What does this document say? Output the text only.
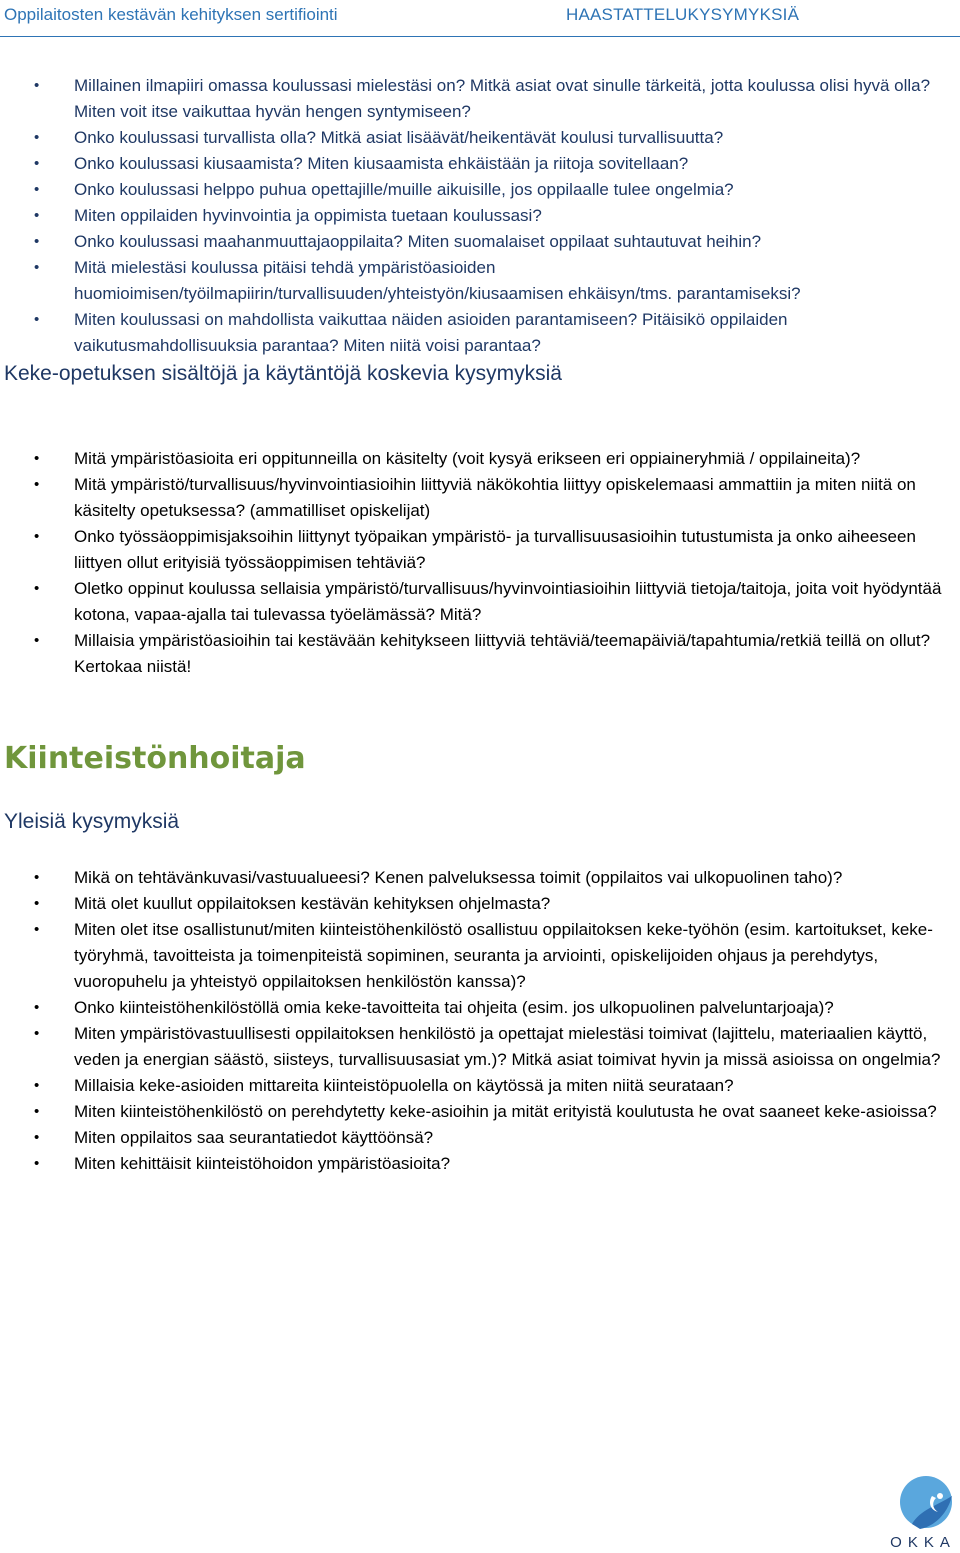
Oppilaitosten kestävän kehityksen sertifiointi	HAASTATTELUKYSYMYKSIÄ
• Millainen ilmapiiri omassa koulussasi mielestäsi on? Mitkä asiat ovat sinulle tärkeitä, jotta koulussa olisi hyvä olla? Miten voit itse vaikuttaa hyvän hengen syntymiseen?
• Onko koulussasi turvallista olla? Mitkä asiat lisäävät/heikentävät koulusi turvallisuutta?
• Onko koulussasi kiusaamista? Miten kiusaamista ehkäistään ja riitoja sovitellaan?
• Onko koulussasi helppo puhua opettajille/muille aikuisille, jos oppilaalle tulee ongelmia?
• Miten oppilaiden hyvinvointia ja oppimista tuetaan koulussasi?
• Onko koulussasi maahanmuuttajaoppilaita? Miten suomalaiset oppilaat suhtautuvat heihin?
• Mitä mielestäsi koulussa pitäisi tehdä ympäristöasioiden huomioimisen/työilmapiirin/turvallisuuden/yhteistyön/kiusaamisen ehkäisyn/tms. parantamiseksi?
• Miten koulussasi on mahdollista vaikuttaa näiden asioiden parantamiseen? Pitäisikö oppilaiden vaikutusmahdollisuuksia parantaa? Miten niitä voisi parantaa?
Keke-opetuksen sisältöjä ja käytäntöjä koskevia kysymyksiä
• Mitä ympäristöasioita eri oppitunneilla on käsitelty (voit kysyä erikseen eri oppiaineryhmiä / oppilaineita)?
• Mitä ympäristö/turvallisuus/hyvinvointiasioihin liittyviä näkökohtia liittyy opiskelemaasi ammattiin ja miten niitä on käsitelty opetuksessa? (ammatilliset opiskelijat)
• Onko työssäoppimisjaksoihin liittynyt työpaikan ympäristö- ja turvallisuusasioihin tutustumista ja onko aiheeseen liittyen ollut erityisiä työssäoppimisen tehtäviä?
• Oletko oppinut koulussa sellaisia ympäristö/turvallisuus/hyvinvointiasioihin liittyviä tietoja/taitoja, joita voit hyödyntää kotona, vapaa-ajalla tai tulevassa työelämässä? Mitä?
• Millaisia ympäristöasioihin tai kestävään kehitykseen liittyviä tehtäviä/teemapäiviä/tapahtumia/retkiä teillä on ollut? Kertokaa niistä!
Kiinteistönhoitaja
Yleisiä kysymyksiä
• Mikä on tehtävänkuvasi/vastuualueesi? Kenen palveluksessa toimit (oppilaitos vai ulkopuolinen taho)?
• Mitä olet kuullut oppilaitoksen kestävän kehityksen ohjelmasta?
• Miten olet itse osallistunut/miten kiinteistöhenkilöstö osallistuu oppilaitoksen keke-työhön (esim. kartoitukset, keke-työryhmä, tavoitteista ja toimenpiteistä sopiminen, seuranta ja arviointi, opiskelijoiden ohjaus ja perehdytys, vuoropuhelu ja yhteistyö oppilaitoksen henkilöstön kanssa)?
• Onko kiinteistöhenkilöstöllä omia keke-tavoitteita tai ohjeita (esim. jos ulkopuolinen palveluntarjoaja)?
• Miten ympäristövastuullisesti oppilaitoksen henkilöstö ja opettajat mielestäsi toimivat (lajittelu, materiaalien käyttö, veden ja energian säästö, siisteys, turvallisuusasiat ym.)? Mitkä asiat toimivat hyvin ja missä asioissa on ongelmia?
• Millaisia keke-asioiden mittareita kiinteistöpuolella on käytössä ja miten niitä seurataan?
• Miten kiinteistöhenkilöstö on perehdytetty keke-asioihin ja mität erityistä koulutusta he ovat saaneet keke-asioissa?
• Miten oppilaitos saa seurantatiedot käyttöönsä?
• Miten kehittäisit kiinteistöhoidon ympäristöasioita?
OKKA
